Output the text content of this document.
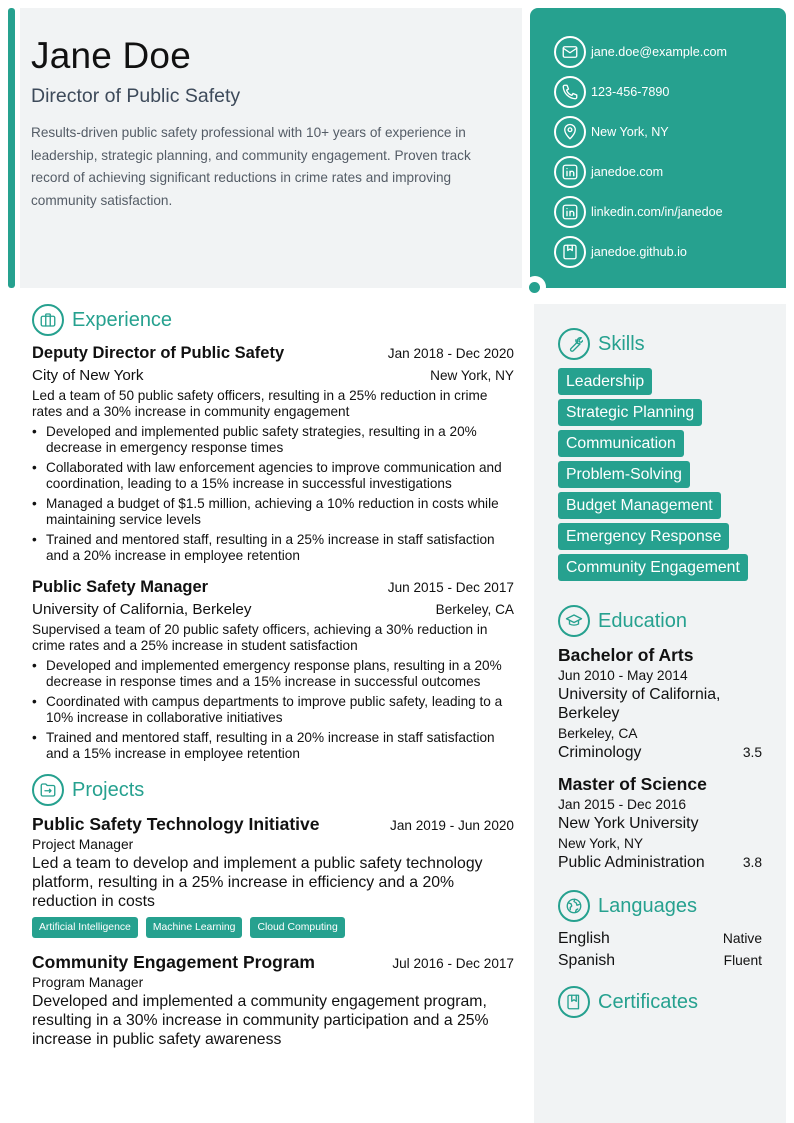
Jane Doe
Director of Public Safety
Results-driven public safety professional with 10+ years of experience in leadership, strategic planning, and community engagement. Proven track record of achieving significant reductions in crime rates and improving community satisfaction.
jane.doe@example.com
123-456-7890
New York, NY
janedoe.com
linkedin.com/in/janedoe
janedoe.github.io
Experience
Deputy Director of Public Safety	Jan 2018 - Dec 2020
City of New York	New York, NY
Led a team of 50 public safety officers, resulting in a 25% reduction in crime rates and a 30% increase in community engagement
• Developed and implemented public safety strategies, resulting in a 20% decrease in emergency response times
• Collaborated with law enforcement agencies to improve communication and coordination, leading to a 15% increase in successful investigations
• Managed a budget of $1.5 million, achieving a 10% reduction in costs while maintaining service levels
• Trained and mentored staff, resulting in a 25% increase in staff satisfaction and a 20% increase in employee retention
Public Safety Manager	Jun 2015 - Dec 2017
University of California, Berkeley	Berkeley, CA
Supervised a team of 20 public safety officers, achieving a 30% reduction in crime rates and a 25% increase in student satisfaction
• Developed and implemented emergency response plans, resulting in a 20% decrease in response times and a 15% increase in successful outcomes
• Coordinated with campus departments to improve public safety, leading to a 10% increase in collaborative initiatives
• Trained and mentored staff, resulting in a 20% increase in staff satisfaction and a 15% increase in employee retention
Projects
Public Safety Technology Initiative	Jan 2019 - Jun 2020
Project Manager
Led a team to develop and implement a public safety technology platform, resulting in a 25% increase in efficiency and a 20% reduction in costs
Artificial Intelligence	Machine Learning	Cloud Computing
Community Engagement Program	Jul 2016 - Dec 2017
Program Manager
Developed and implemented a community engagement program, resulting in a 30% increase in community participation and a 25% increase in public safety awareness
Skills
Leadership
Strategic Planning
Communication
Problem-Solving
Budget Management
Emergency Response
Community Engagement
Education
Bachelor of Arts
Jun 2010 - May 2014
University of California, Berkeley
Berkeley, CA
Criminology	3.5
Master of Science
Jan 2015 - Dec 2016
New York University
New York, NY
Public Administration	3.8
Languages
English	Native
Spanish	Fluent
Certificates
